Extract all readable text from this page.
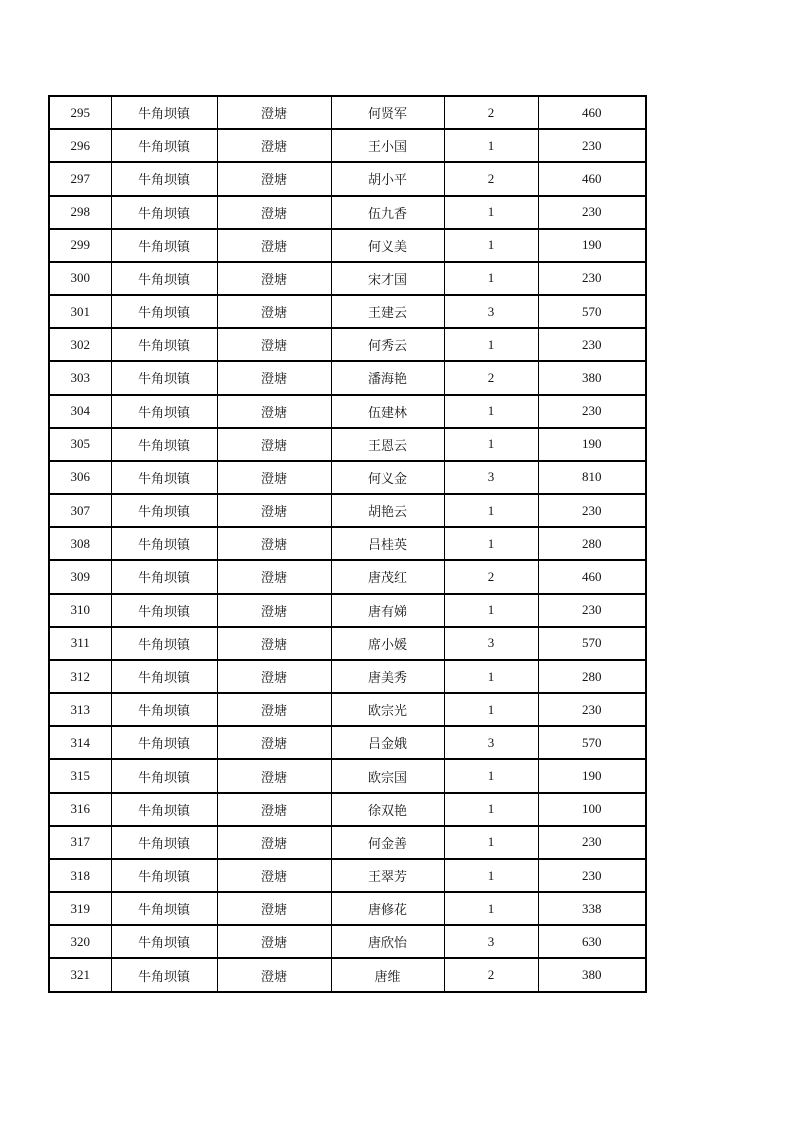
295	牛角坝镇	澄塘	何贤军	2	460
296	牛角坝镇	澄塘	王小国	1	230
297	牛角坝镇	澄塘	胡小平	2	460
298	牛角坝镇	澄塘	伍九香	1	230
299	牛角坝镇	澄塘	何义美	1	190
300	牛角坝镇	澄塘	宋才国	1	230
301	牛角坝镇	澄塘	王建云	3	570
302	牛角坝镇	澄塘	何秀云	1	230
303	牛角坝镇	澄塘	潘海艳	2	380
304	牛角坝镇	澄塘	伍建林	1	230
305	牛角坝镇	澄塘	王恩云	1	190
306	牛角坝镇	澄塘	何义金	3	810
307	牛角坝镇	澄塘	胡艳云	1	230
308	牛角坝镇	澄塘	吕桂英	1	280
309	牛角坝镇	澄塘	唐茂红	2	460
310	牛角坝镇	澄塘	唐有娣	1	230
311	牛角坝镇	澄塘	席小媛	3	570
312	牛角坝镇	澄塘	唐美秀	1	280
313	牛角坝镇	澄塘	欧宗光	1	230
314	牛角坝镇	澄塘	吕金娥	3	570
315	牛角坝镇	澄塘	欧宗国	1	190
316	牛角坝镇	澄塘	徐双艳	1	100
317	牛角坝镇	澄塘	何金善	1	230
318	牛角坝镇	澄塘	王翠芳	1	230
319	牛角坝镇	澄塘	唐修花	1	338
320	牛角坝镇	澄塘	唐欣怡	3	630
321	牛角坝镇	澄塘	唐维	2	380
